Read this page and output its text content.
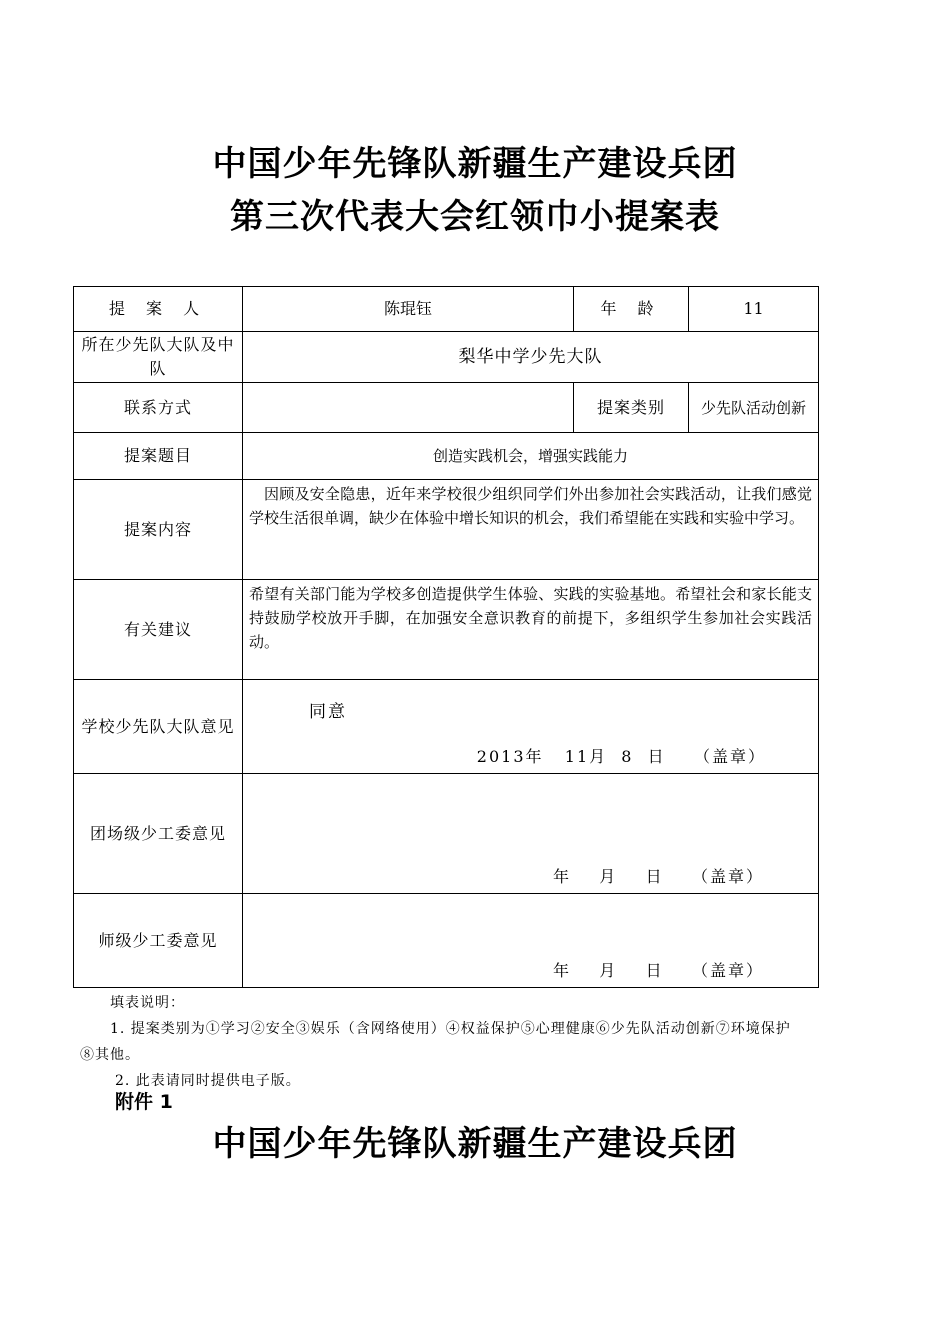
中国少年先锋队新疆生产建设兵团
第三次代表大会红领巾小提案表
提 案 人	陈琨钰	年 龄	11
所在少先队大队及中队	梨华中学少先大队		
联系方式		提案类别	少先队活动创新
提案题目	创造实践机会，增强实践能力		
提案内容	因顾及安全隐患，近年来学校很少组织同学们外出参加社会实践活动，让我们感觉学校生活很单调，缺少在体验中增长知识的机会，我们希望能在实践和实验中学习。		
有关建议	希望有关部门能为学校多创造提供学生体验、实践的实验基地。希望社会和家长能支持鼓励学校放开手脚，在加强安全意识教育的前提下，多组织学生参加社会实践活动。		
学校少先队大队意见	同意
2013年   11月  8  日    （盖章）		

团场级少工委意见	年    月    日    （盖章）		

师级少工委意见	年    月    日    （盖章）		
填表说明：
1. 提案类别为①学习②安全③娱乐（含网络使用）④权益保护⑤心理健康⑥少先队活动创新⑦环境保护
⑧其他。
2. 此表请同时提供电子版。
附件 1
中国少年先锋队新疆生产建设兵团
